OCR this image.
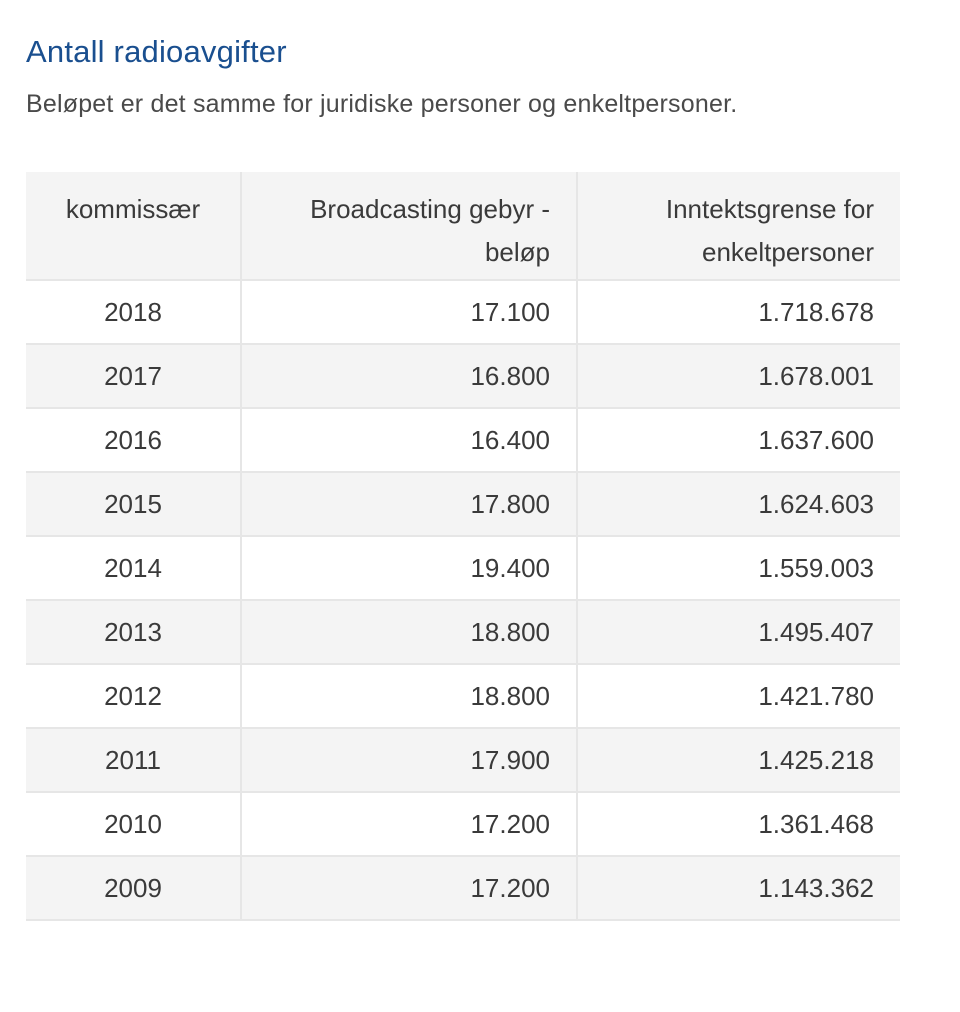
Antall radioavgifter

Beløpet er det samme for juridiske personer og enkeltpersoner.

kommissær	Broadcasting gebyr - beløp	Inntektsgrense for enkeltpersoner
2018	17.100	1.718.678
2017	16.800	1.678.001
2016	16.400	1.637.600
2015	17.800	1.624.603
2014	19.400	1.559.003
2013	18.800	1.495.407
2012	18.800	1.421.780
2011	17.900	1.425.218
2010	17.200	1.361.468
2009	17.200	1.143.362
